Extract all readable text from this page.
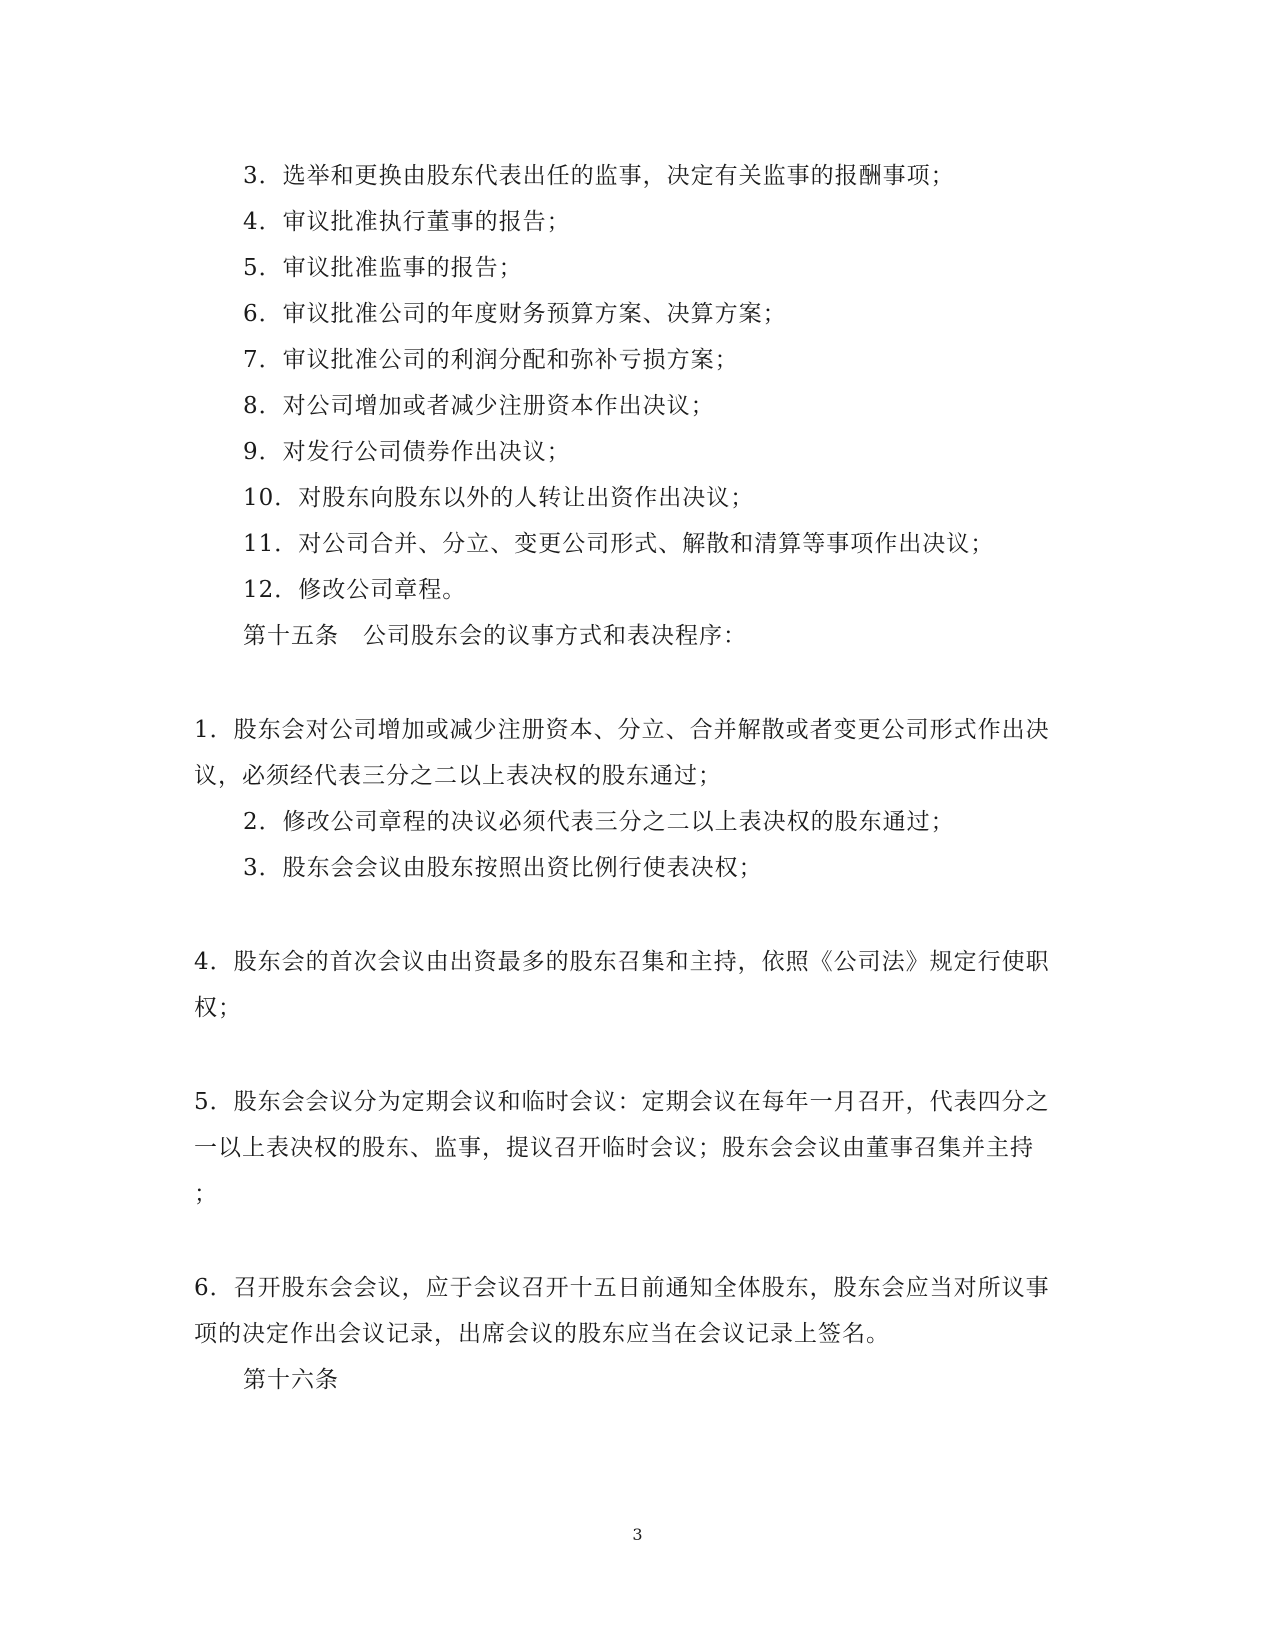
3．选举和更换由股东代表出任的监事，决定有关监事的报酬事项；
4．审议批准执行董事的报告；
5．审议批准监事的报告；
6．审议批准公司的年度财务预算方案、决算方案；
7．审议批准公司的利润分配和弥补亏损方案；
8．对公司增加或者减少注册资本作出决议；
9．对发行公司债券作出决议；
10．对股东向股东以外的人转让出资作出决议；
11．对公司合并、分立、变更公司形式、解散和清算等事项作出决议；
12．修改公司章程。
第十五条　公司股东会的议事方式和表决程序：
1．股东会对公司增加或减少注册资本、分立、合并解散或者变更公司形式作出决
议，必须经代表三分之二以上表决权的股东通过；
2．修改公司章程的决议必须代表三分之二以上表决权的股东通过；
3．股东会会议由股东按照出资比例行使表决权；
4．股东会的首次会议由出资最多的股东召集和主持，依照《公司法》规定行使职
权；
5．股东会会议分为定期会议和临时会议：定期会议在每年一月召开，代表四分之
一以上表决权的股东、监事，提议召开临时会议；股东会会议由董事召集并主持
；
6．召开股东会会议，应于会议召开十五日前通知全体股东，股东会应当对所议事
项的决定作出会议记录，出席会议的股东应当在会议记录上签名。
第十六条
3
